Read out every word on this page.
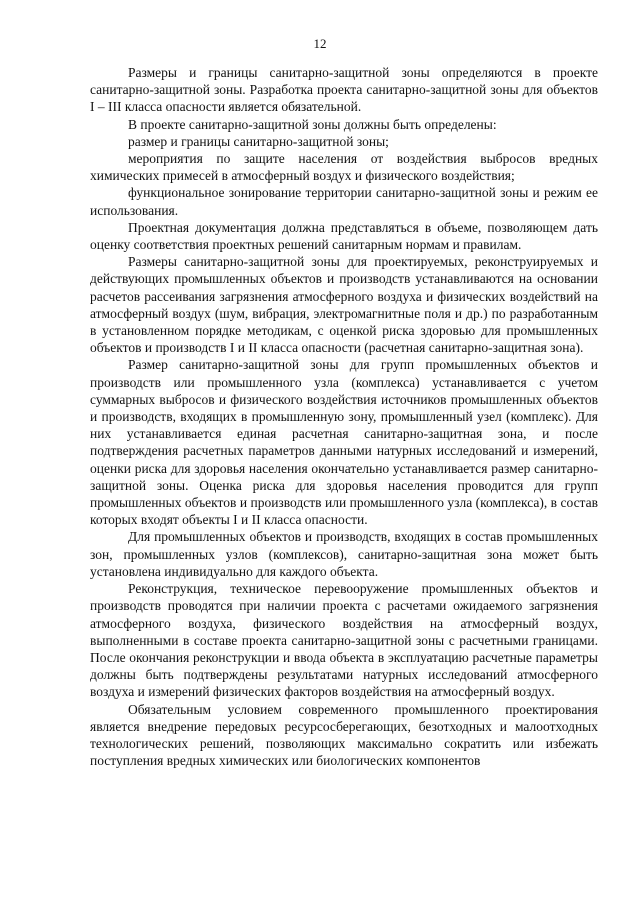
12

Размеры и границы санитарно-защитной зоны определяются в проекте санитарно-защитной зоны. Разработка проекта санитарно-защитной зоны для объектов I – III класса опасности является обязательной.

В проекте санитарно-защитной зоны должны быть определены:

размер и границы санитарно-защитной зоны;

мероприятия по защите населения от воздействия выбросов вредных химических примесей в атмосферный воздух и физического воздействия;

функциональное зонирование территории санитарно-защитной зоны и режим ее использования.

Проектная документация должна представляться в объеме, позволяющем дать оценку соответствия проектных решений санитарным нормам и правилам.

Размеры санитарно-защитной зоны для проектируемых, реконструируемых и действующих промышленных объектов и производств устанавливаются на основании расчетов рассеивания загрязнения атмосферного воздуха и физических воздействий на атмосферный воздух (шум, вибрация, электромагнитные поля и др.) по разработанным в установленном порядке методикам, с оценкой риска здоровью для промышленных объектов и производств I и II класса опасности (расчетная санитарно-защитная зона).

Размер санитарно-защитной зоны для групп промышленных объектов и производств или промышленного узла (комплекса) устанавливается с учетом суммарных выбросов и физического воздействия источников промышленных объектов и производств, входящих в промышленную зону, промышленный узел (комплекс). Для них устанавливается единая расчетная санитарно-защитная зона, и после подтверждения расчетных параметров данными натурных исследований и измерений, оценки риска для здоровья населения окончательно устанавливается размер санитарно-защитной зоны. Оценка риска для здоровья населения проводится для групп промышленных объектов и производств или промышленного узла (комплекса), в состав которых входят объекты I и II класса опасности.

Для промышленных объектов и производств, входящих в состав промышленных зон, промышленных узлов (комплексов), санитарно-защитная зона может быть установлена индивидуально для каждого объекта.

Реконструкция, техническое перевооружение промышленных объектов и производств проводятся при наличии проекта с расчетами ожидаемого загрязнения атмосферного воздуха, физического воздействия на атмосферный воздух, выполненными в составе проекта санитарно-защитной зоны с расчетными границами. После окончания реконструкции и ввода объекта в эксплуатацию расчетные параметры должны быть подтверждены результатами натурных исследований атмосферного воздуха и измерений физических факторов воздействия на атмосферный воздух.

Обязательным условием современного промышленного проектирования является внедрение передовых ресурсосберегающих, безотходных и малоотходных технологических решений, позволяющих максимально сократить или избежать поступления вредных химических или биологических компонентов
